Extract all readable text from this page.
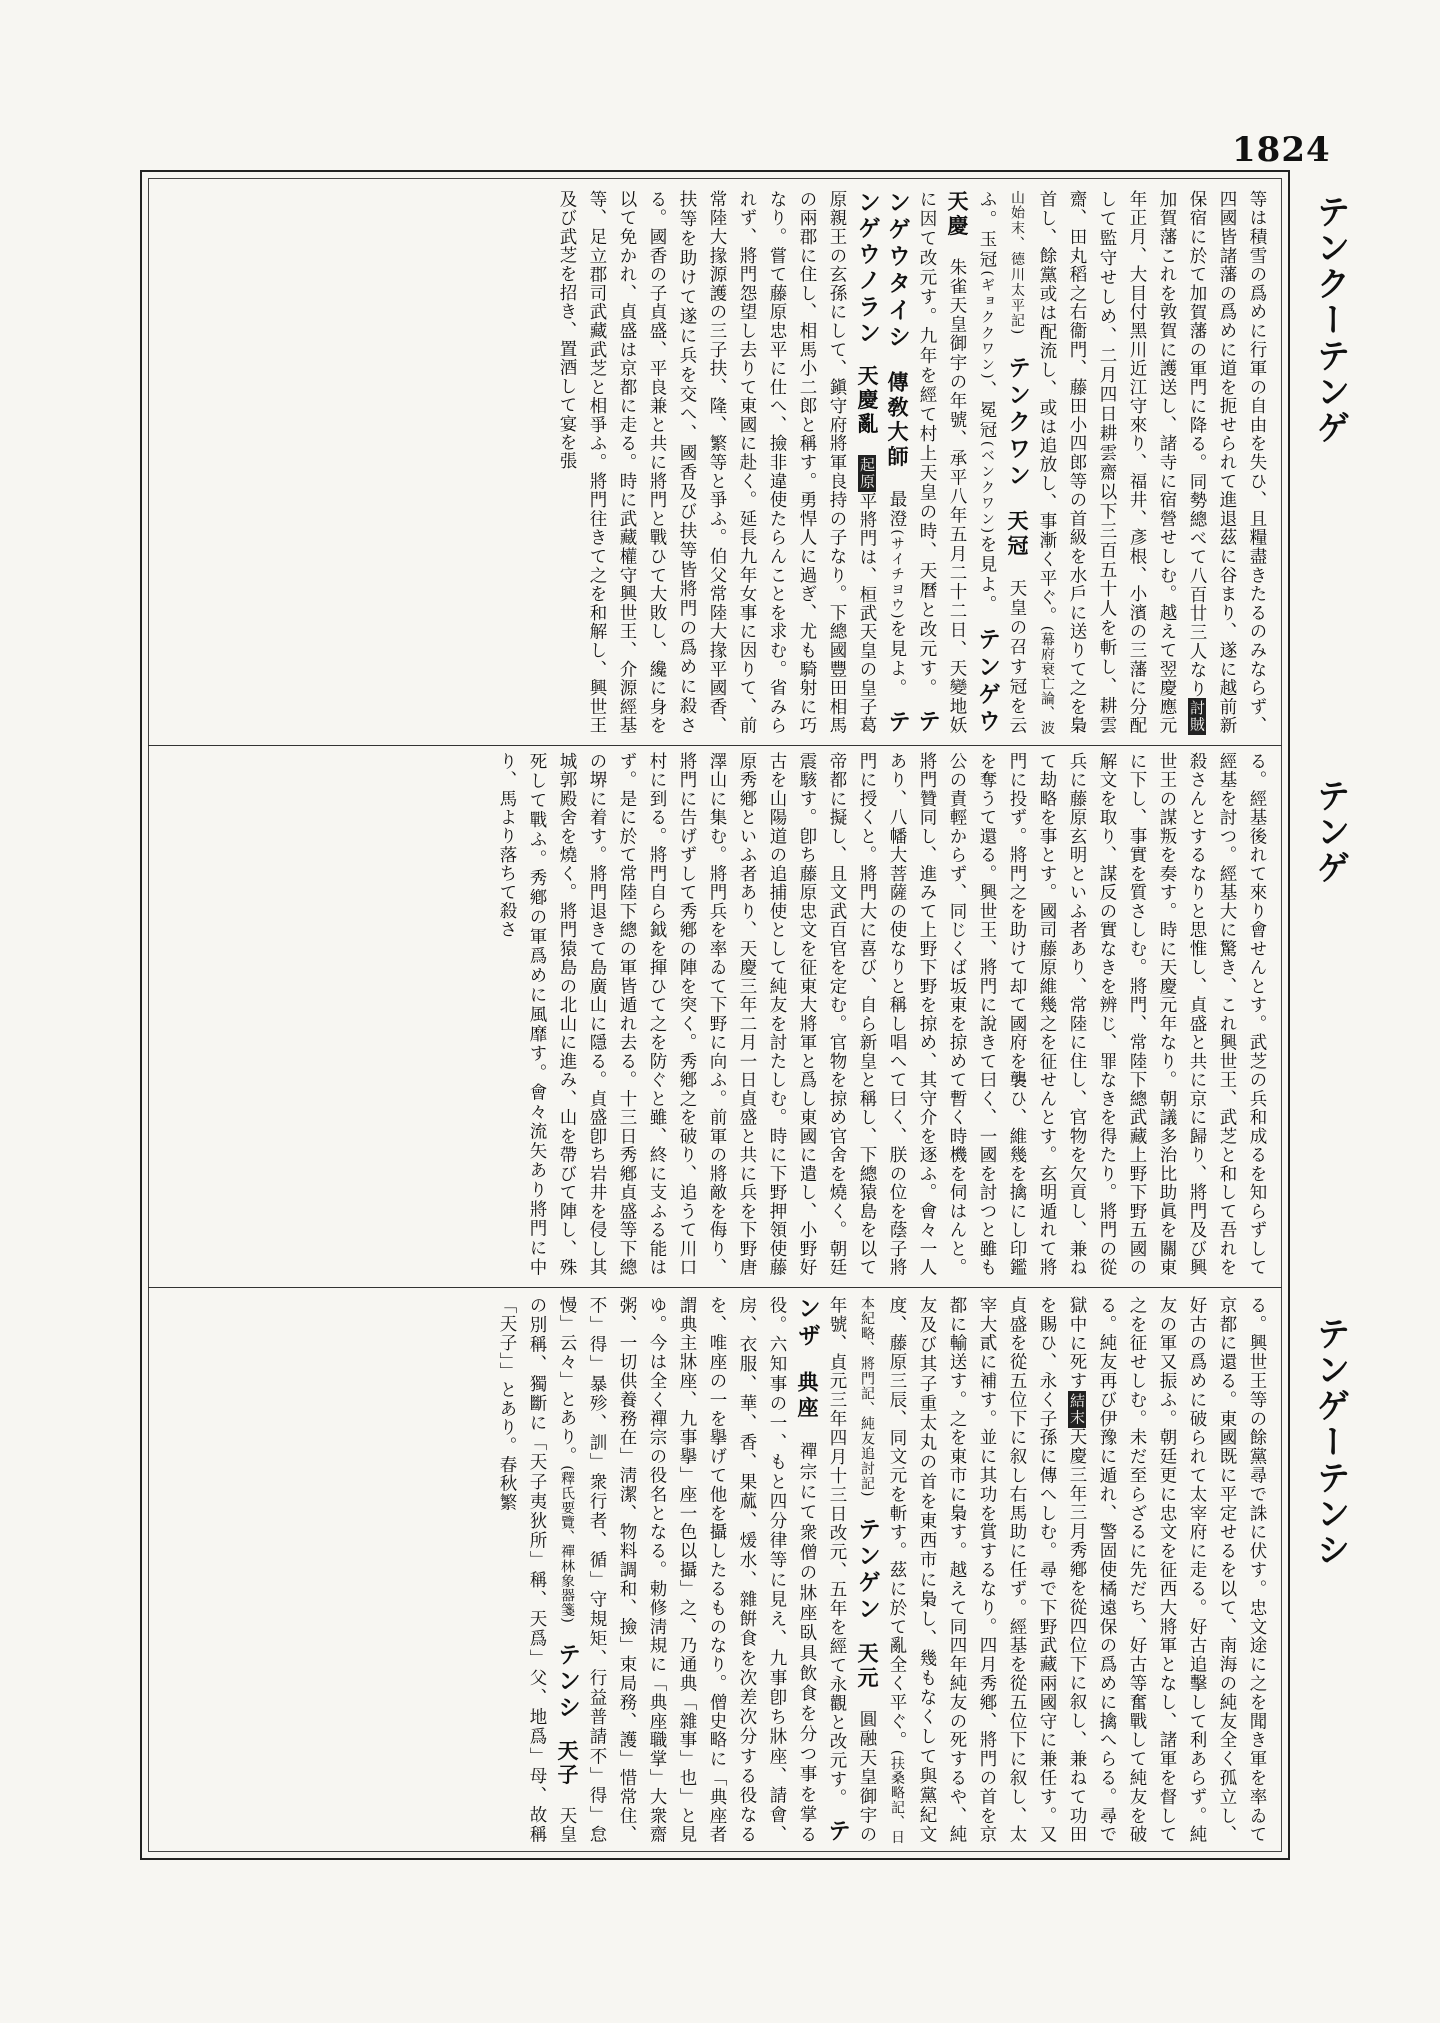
1824
テンクーテンゲ
テンゲ
テンゲーテンシ

等は積雪の爲めに行軍の自由を失ひ、且糧盡きたるのみならず、四國皆諸藩の爲めに道を扼せられて進退茲に谷まり、遂に越前新保宿に於て加賀藩の軍門に降る。同勢總べて八百廿三人なり討賊加賀藩これを敦賀に護送し、諸寺に宿營せしむ。越えて翌慶應元年正月、大目付黑川近江守來り、福井、彥根、小濱の三藩に分配して監守せしめ、二月四日耕雲齋以下三百五十人を斬し、耕雲齋、田丸稻之右衞門、藤田小四郎等の首級を水戶に送りて之を梟首し、餘黨或は配流し、或は追放し、事漸く平ぐ。(幕府衰亡論、波山始末、德川太平記)　テンクワン　天冠　天皇の召す冠を云ふ。玉冠(ギョククワン)、冕冠(ベンクワン)を見よ。　テンゲウ　天慶　朱雀天皇御宇の年號、承平八年五月二十二日、天變地妖に因て改元す。九年を經て村上天皇の時、天曆と改元す。　テンゲウタイシ　傳敎大師　最澄(サイチヨウ)を見よ。　テンゲウノラン　天慶亂　起原平將門は、桓武天皇の皇子葛原親王の玄孫にして、鎭守府將軍良持の子なり。下總國豐田相馬の兩郡に住し、相馬小二郎と稱す。勇悍人に過ぎ、尤も騎射に巧なり。嘗て藤原忠平に仕へ、撿非違使たらんことを求む。省みられず、將門怨望し去りて東國に赴く。延長九年女事に因りて、前常陸大掾源護の三子扶、隆、繁等と爭ふ。伯父常陸大掾平國香、扶等を助けて遂に兵を交へ、國香及び扶等皆將門の爲めに殺さる。國香の子貞盛、平良兼と共に將門と戰ひて大敗し、纔に身を以て免かれ、貞盛は京都に走る。時に武藏權守興世王、介源經基等、足立郡司武藏武芝と相爭ふ。將門往きて之を和解し、興世王及び武芝を招き、置酒して宴を張

る。經基後れて來り會せんとす。武芝の兵和成るを知らずして經基を討つ。經基大に驚き、これ興世王、武芝と和して吾れを殺さんとするなりと思惟し、貞盛と共に京に歸り、將門及び興世王の謀叛を奏す。時に天慶元年なり。朝議多治比助眞を關東に下し、事實を質さしむ。將門、常陸下總武藏上野下野五國の解文を取り、謀反の實なきを辨じ、罪なきを得たり。將門の從兵に藤原玄明といふ者あり、常陸に住し、官物を欠貢し、兼ねて劫略を事とす。國司藤原維幾之を征せんとす。玄明遁れて將門に投ず。將門之を助けて却て國府を襲ひ、維幾を擒にし印鑑を奪うて還る。興世王、將門に說きて曰く、一國を討つと雖も公の責輕からず、同じくば坂東を掠めて暫く時機を伺はんと。將門贊同し、進みて上野下野を掠め、其守介を逐ふ。會々一人あり、八幡大菩薩の使なりと稱し唱へて曰く、朕の位を蔭子將門に授くと。將門大に喜び、自ら新皇と稱し、下總猿島を以て帝都に擬し、且文武百官を定む。官物を掠め官舍を燒く。朝廷震駭す。卽ち藤原忠文を征東大將軍と爲し東國に遣し、小野好古を山陽道の追捕使として純友を討たしむ。時に下野押領使藤原秀鄕といふ者あり、天慶三年二月一日貞盛と共に兵を下野唐澤山に集む。將門兵を率ゐて下野に向ふ。前軍の將敵を侮り、將門に告げずして秀鄕の陣を突く。秀鄕之を破り、追うて川口村に到る。將門自ら鉞を揮ひて之を防ぐと雖、終に支ふる能はず。是に於て常陸下總の軍皆遁れ去る。十三日秀鄕貞盛等下總の堺に着す。將門退きて島廣山に隱る。貞盛卽ち岩井を侵し其城郭殿舍を燒く。將門猿島の北山に進み、山を帶びて陣し、殊死して戰ふ。秀鄕の軍爲めに風靡す。會々流矢あり將門に中り、馬より落ちて殺さ

る。興世王等の餘黨尋で誅に伏す。忠文途に之を聞き軍を率ゐて京都に還る。東國既に平定せるを以て、南海の純友全く孤立し、好古の爲めに破られて太宰府に走る。好古追擊して利あらず。純友の軍又振ふ。朝廷更に忠文を征西大將軍となし、諸軍を督して之を征せしむ。未だ至らざるに先だち、好古等奮戰して純友を破る。純友再び伊豫に遁れ、警固使橘遠保の爲めに擒へらる。尋で獄中に死す結末天慶三年三月秀鄕を從四位下に叙し、兼ねて功田を賜ひ、永く子孫に傳へしむ。尋で下野武藏兩國守に兼任す。又貞盛を從五位下に叙し右馬助に任ず。經基を從五位下に叙し、太宰大貳に補す。並に其功を賞するなり。四月秀鄕、將門の首を京都に輸送す。之を東市に梟す。越えて同四年純友の死するや、純友及び其子重太丸の首を東西市に梟し、幾もなくして與黨紀文度、藤原三辰、同文元を斬す。茲に於て亂全く平ぐ。(扶桑略記、日本紀略、將門記、純友追討記)　テンゲン　天元　圓融天皇御宇の年號、貞元三年四月十三日改元、五年を經て永觀と改元す。　テンザ　典座　禪宗にて衆僧の牀座臥具飲食を分つ事を掌る役。六知事の一、もと四分律等に見え、九事卽ち牀座、請會、房、衣服、華、香、果蓏、煖水、雜餠食を次差次分する役なるを、唯座の一を擧げて他を攝したるものなり。僧史略に「典座者謂典主牀座、九事擧」座一色以攝」之、乃通典「雜事」也」と見ゆ。今は全く禪宗の役名となる。勅修淸規に「典座職掌」大衆齋粥、一切供養務在」淸潔、物料調和、撿」束局務、護」惜常住、不」得」暴殄、訓」衆行者、循」守規矩、行益普請不」得」怠慢」云々」とあり。(釋氏要覽、禪林象器箋)　テンシ　天子　天皇の別稱、獨斷に「天子夷狄所」稱、天爲」父、地爲」母、故稱「天子」」とあり。春秋繁
